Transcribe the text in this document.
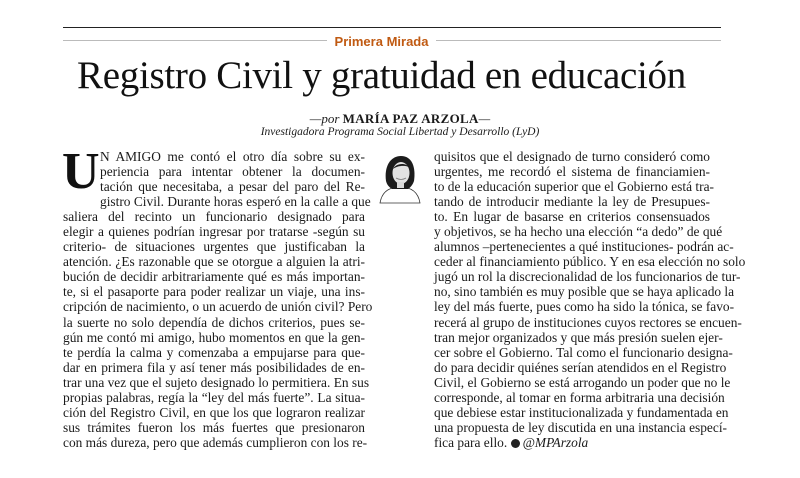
Primera Mirada
Registro Civil y gratuidad en educación
—por MARÍA PAZ ARZOLA—
Investigadora Programa Social Libertad y Desarrollo (LyD)
U N AMIGO me contó el otro día sobre su ex-
periencia para intentar obtener la documen-
tación que necesitaba, a pesar del paro del Re-
gistro Civil. Durante horas esperó en la calle a que
saliera del recinto un funcionario designado para
elegir a quienes podrían ingresar por tratarse -según su
criterio- de situaciones urgentes que justificaban la
atención. ¿Es razonable que se otorgue a alguien la atri-
bución de decidir arbitrariamente qué es más importan-
te, si el pasaporte para poder realizar un viaje, una ins-
cripción de nacimiento, o un acuerdo de unión civil? Pero
la suerte no solo dependía de dichos criterios, pues se-
gún me contó mi amigo, hubo momentos en que la gen-
te perdía la calma y comenzaba a empujarse para que-
dar en primera fila y así tener más posibilidades de en-
trar una vez que el sujeto designado lo permitiera. En sus
propias palabras, regía la “ley del más fuerte”. La situa-
ción del Registro Civil, en que los que lograron realizar
sus trámites fueron los más fuertes que presionaron
con más dureza, pero que además cumplieron con los re-
quisitos que el designado de turno consideró como
urgentes, me recordó el sistema de financiamien-
to de la educación superior que el Gobierno está tra-
tando de introducir mediante la ley de Presupues-
to. En lugar de basarse en criterios consensuados
y objetivos, se ha hecho una elección “a dedo” de qué
alumnos –pertenecientes a qué instituciones- podrán ac-
ceder al financiamiento público. Y en esa elección no solo
jugó un rol la discrecionalidad de los funcionarios de tur-
no, sino también es muy posible que se haya aplicado la
ley del más fuerte, pues como ha sido la tónica, se favo-
recerá al grupo de instituciones cuyos rectores se encuen-
tran mejor organizados y que más presión suelen ejer-
cer sobre el Gobierno. Tal como el funcionario designa-
do para decidir quiénes serían atendidos en el Registro
Civil, el Gobierno se está arrogando un poder que no le
corresponde, al tomar en forma arbitraria una decisión
que debiese estar institucionalizada y fundamentada en
una propuesta de ley discutida en una instancia especí-
fica para ello. @MPArzola
